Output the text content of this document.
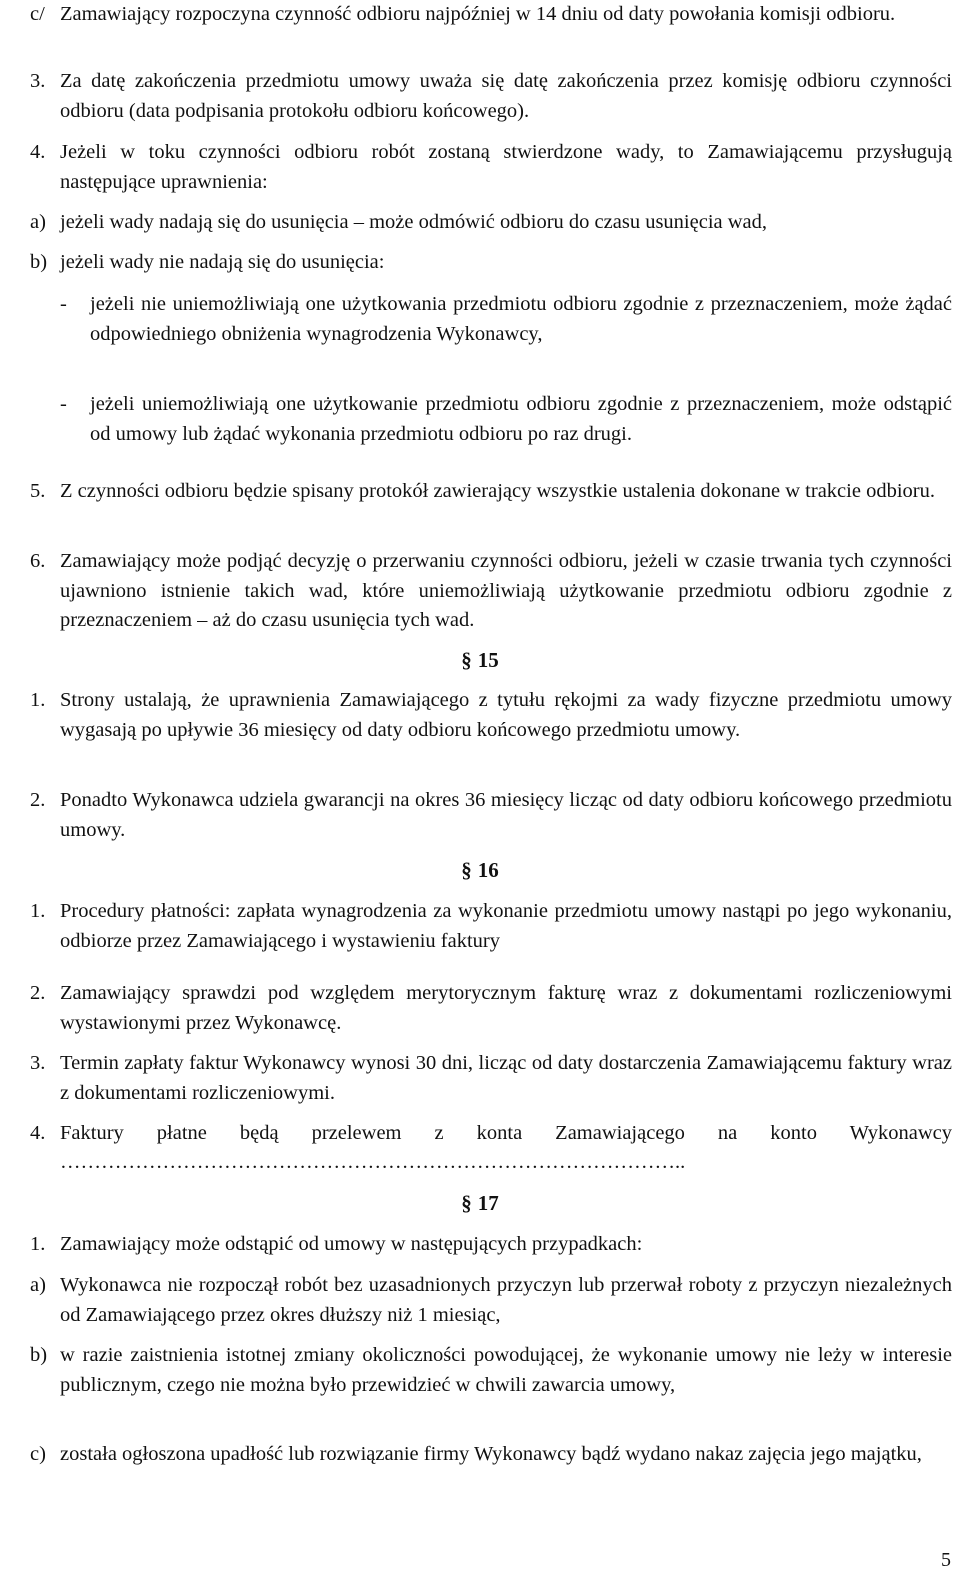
c/ Zamawiający rozpoczyna czynność odbioru najpóźniej w 14 dniu od daty powołania komisji odbioru.
3. Za datę zakończenia przedmiotu umowy uważa się datę zakończenia przez komisję odbioru czynności odbioru (data podpisania protokołu odbioru końcowego).
4. Jeżeli w toku czynności odbioru robót zostaną stwierdzone wady, to Zamawiającemu przysługują następujące uprawnienia:
a) jeżeli wady nadają się do usunięcia – może odmówić odbioru do czasu usunięcia wad,
b) jeżeli wady nie nadają się do usunięcia:
- jeżeli nie uniemożliwiają one użytkowania przedmiotu odbioru zgodnie z przeznaczeniem, może żądać odpowiedniego obniżenia wynagrodzenia Wykonawcy,
- jeżeli uniemożliwiają one użytkowanie przedmiotu odbioru zgodnie z przeznaczeniem, może odstąpić od umowy lub żądać wykonania przedmiotu odbioru po raz drugi.
5. Z czynności odbioru będzie spisany protokół zawierający wszystkie ustalenia dokonane w trakcie odbioru.
6. Zamawiający może podjąć decyzję o przerwaniu czynności odbioru, jeżeli w czasie trwania tych czynności ujawniono istnienie takich wad, które uniemożliwiają użytkowanie przedmiotu odbioru zgodnie z przeznaczeniem – aż do czasu usunięcia tych wad.
§ 15
1. Strony ustalają, że uprawnienia Zamawiającego z tytułu rękojmi za wady fizyczne przedmiotu umowy wygasają po upływie 36 miesięcy od daty odbioru końcowego przedmiotu umowy.
2. Ponadto Wykonawca udziela gwarancji na okres 36 miesięcy licząc od daty odbioru końcowego przedmiotu umowy.
§ 16
1. Procedury płatności: zapłata wynagrodzenia za wykonanie przedmiotu umowy nastąpi po jego wykonaniu, odbiorze przez Zamawiającego i wystawieniu faktury
2. Zamawiający sprawdzi pod względem merytorycznym fakturę wraz z dokumentami rozliczeniowymi wystawionymi przez Wykonawcę.
3. Termin zapłaty faktur Wykonawcy wynosi 30 dni, licząc od daty dostarczenia Zamawiającemu faktury wraz z dokumentami rozliczeniowymi.
4. Faktury płatne będą przelewem z konta Zamawiającego na konto Wykonawcy
………………………………………………………………………………..
§ 17
1. Zamawiający może odstąpić od umowy w następujących przypadkach:
a) Wykonawca nie rozpoczął robót bez uzasadnionych przyczyn lub przerwał roboty z przyczyn niezależnych od Zamawiającego przez okres dłuższy niż 1 miesiąc,
b) w razie zaistnienia istotnej zmiany okoliczności powodującej, że wykonanie umowy nie leży w interesie publicznym, czego nie można było przewidzieć w chwili zawarcia umowy,
c) została ogłoszona upadłość lub rozwiązanie firmy Wykonawcy bądź wydano nakaz zajęcia jego majątku,
5
